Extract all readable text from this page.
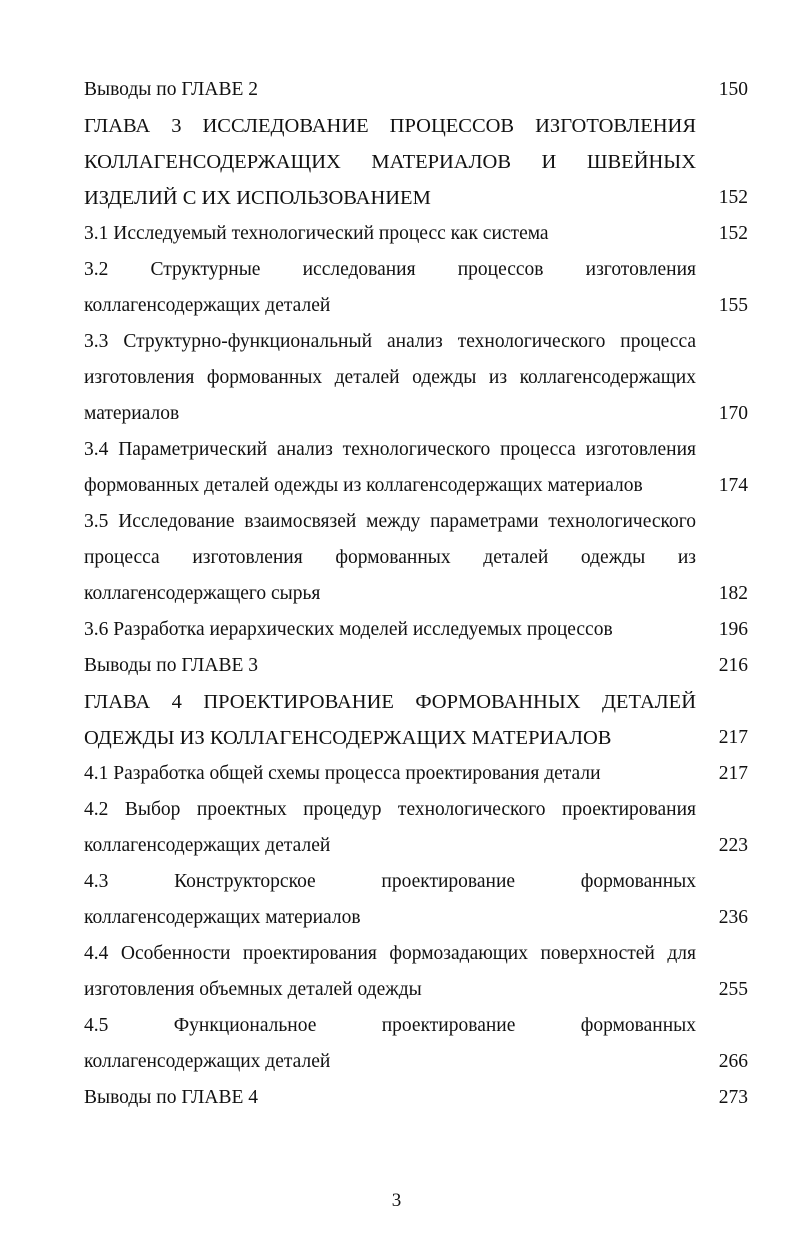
Выводы по ГЛАВЕ 2	150
ГЛАВА 3 ИССЛЕДОВАНИЕ ПРОЦЕССОВ ИЗГОТОВЛЕНИЯ
КОЛЛАГЕНСОДЕРЖАЩИХ МАТЕРИАЛОВ И ШВЕЙНЫХ
ИЗДЕЛИЙ С ИХ ИСПОЛЬЗОВАНИЕМ	152
3.1 Исследуемый технологический процесс как система	152
3.2 Структурные исследования процессов изготовления
коллагенсодержащих деталей	155
3.3 Структурно-функциональный анализ технологического процесса
изготовления формованных деталей одежды из коллагенсодержащих
материалов	170
3.4 Параметрический анализ технологического процесса изготовления
формованных деталей одежды из коллагенсодержащих материалов	174
3.5 Исследование взаимосвязей между параметрами технологического
процесса изготовления формованных деталей одежды из
коллагенсодержащего сырья	182
3.6 Разработка иерархических моделей исследуемых процессов	196
Выводы по ГЛАВЕ 3	216
ГЛАВА 4 ПРОЕКТИРОВАНИЕ ФОРМОВАННЫХ ДЕТАЛЕЙ
ОДЕЖДЫ ИЗ КОЛЛАГЕНСОДЕРЖАЩИХ МАТЕРИАЛОВ	217
4.1 Разработка общей схемы процесса проектирования детали	217
4.2 Выбор проектных процедур технологического проектирования
коллагенсодержащих деталей	223
4.3 Конструкторское проектирование формованных
коллагенсодержащих материалов	236
4.4 Особенности проектирования формозадающих поверхностей для
изготовления объемных деталей одежды	255
4.5 Функциональное проектирование формованных
коллагенсодержащих деталей	266
Выводы по ГЛАВЕ 4	273
3
